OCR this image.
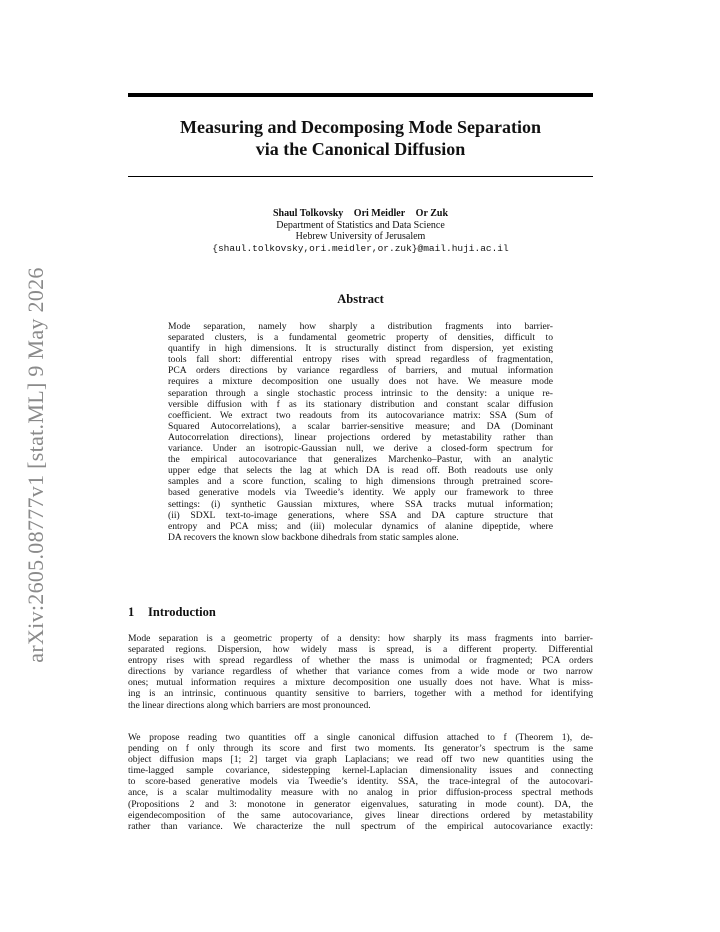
arXiv:2605.08777v1 [stat.ML] 9 May 2026
Measuring and Decomposing Mode Separation
via the Canonical Diffusion
Shaul Tolkovsky Ori Meidler Or Zuk
Department of Statistics and Data Science
Hebrew University of Jerusalem
{shaul.tolkovsky,ori.meidler,or.zuk}@mail.huji.ac.il
Abstract
Mode separation, namely how sharply a distribution fragments into barrier-
separated clusters, is a fundamental geometric property of densities, difficult to
quantify in high dimensions. It is structurally distinct from dispersion, yet existing
tools fall short: differential entropy rises with spread regardless of fragmentation,
PCA orders directions by variance regardless of barriers, and mutual information
requires a mixture decomposition one usually does not have. We measure mode
separation through a single stochastic process intrinsic to the density: a unique re-
versible diffusion with f as its stationary distribution and constant scalar diffusion
coefficient. We extract two readouts from its autocovariance matrix: SSA (Sum of
Squared Autocorrelations), a scalar barrier-sensitive measure; and DA (Dominant
Autocorrelation directions), linear projections ordered by metastability rather than
variance. Under an isotropic-Gaussian null, we derive a closed-form spectrum for
the empirical autocovariance that generalizes Marchenko–Pastur, with an analytic
upper edge that selects the lag at which DA is read off. Both readouts use only
samples and a score function, scaling to high dimensions through pretrained score-
based generative models via Tweedie’s identity. We apply our framework to three
settings: (i) synthetic Gaussian mixtures, where SSA tracks mutual information;
(ii) SDXL text-to-image generations, where SSA and DA capture structure that
entropy and PCA miss; and (iii) molecular dynamics of alanine dipeptide, where
DA recovers the known slow backbone dihedrals from static samples alone.
1 Introduction
Mode separation is a geometric property of a density: how sharply its mass fragments into barrier-
separated regions. Dispersion, how widely mass is spread, is a different property. Differential
entropy rises with spread regardless of whether the mass is unimodal or fragmented; PCA orders
directions by variance regardless of whether that variance comes from a wide mode or two narrow
ones; mutual information requires a mixture decomposition one usually does not have. What is miss-
ing is an intrinsic, continuous quantity sensitive to barriers, together with a method for identifying
the linear directions along which barriers are most pronounced.
We propose reading two quantities off a single canonical diffusion attached to f (Theorem 1), de-
pending on f only through its score and first two moments. Its generator’s spectrum is the same
object diffusion maps [1; 2] target via graph Laplacians; we read off two new quantities using the
time-lagged sample covariance, sidestepping kernel-Laplacian dimensionality issues and connecting
to score-based generative models via Tweedie’s identity. SSA, the trace-integral of the autocovari-
ance, is a scalar multimodality measure with no analog in prior diffusion-process spectral methods
(Propositions 2 and 3: monotone in generator eigenvalues, saturating in mode count). DA, the
eigendecomposition of the same autocovariance, gives linear directions ordered by metastability
rather than variance. We characterize the null spectrum of the empirical autocovariance exactly:
